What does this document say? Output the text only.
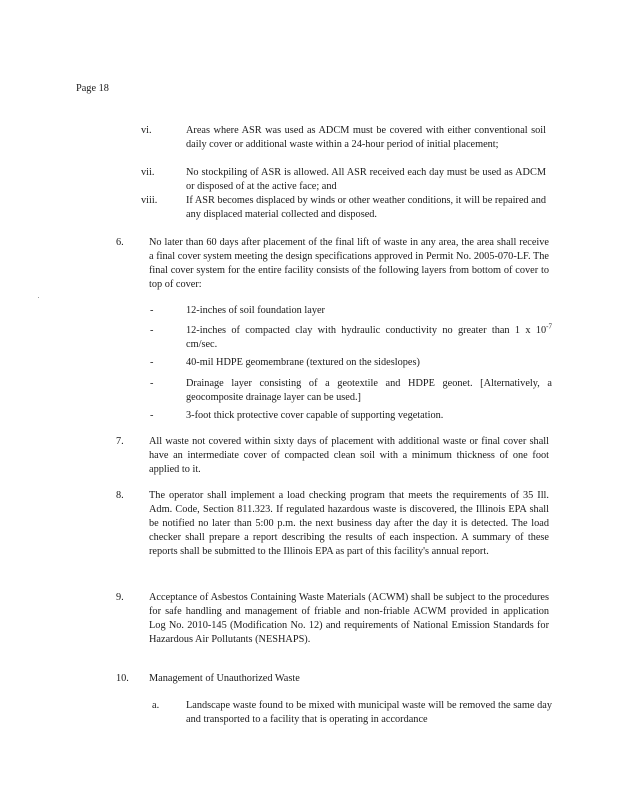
Page 18
vi.	Areas where ASR was used as ADCM must be covered with either conventional soil daily cover or additional waste within a 24-hour period of initial placement;
vii.	No stockpiling of ASR is allowed. All ASR received each day must be used as ADCM or disposed of at the active face; and
viii.	If ASR becomes displaced by winds or other weather conditions, it will be repaired and any displaced material collected and disposed.
6.	No later than 60 days after placement of the final lift of waste in any area, the area shall receive a final cover system meeting the design specifications approved in Permit No. 2005-070-LF. The final cover system for the entire facility consists of the following layers from bottom of cover to top of cover:
-	12-inches of soil foundation layer
-	12-inches of compacted clay with hydraulic conductivity no greater than 1 x $10^{-7}$ cm/sec.
-	40-mil HDPE geomembrane (textured on the sideslopes)
-	Drainage layer consisting of a geotextile and HDPE geonet. [Alternatively, a geocomposite drainage layer can be used.]
-	3-foot thick protective cover capable of supporting vegetation.
7.	All waste not covered within sixty days of placement with additional waste or final cover shall have an intermediate cover of compacted clean soil with a minimum thickness of one foot applied to it.
8.	The operator shall implement a load checking program that meets the requirements of 35 Ill. Adm. Code, Section 811.323. If regulated hazardous waste is discovered, the Illinois EPA shall be notified no later than 5:00 p.m. the next business day after the day it is detected. The load checker shall prepare a report describing the results of each inspection. A summary of these reports shall be submitted to the Illinois EPA as part of this facility's annual report.
9.	Acceptance of Asbestos Containing Waste Materials (ACWM) shall be subject to the procedures for safe handling and management of friable and non-friable ACWM provided in application Log No. 2010-145 (Modification No. 12) and requirements of National Emission Standards for Hazardous Air Pollutants (NESHAPS).
10.	Management of Unauthorized Waste
a.	Landscape waste found to be mixed with municipal waste will be removed the same day and transported to a facility that is operating in accordance
